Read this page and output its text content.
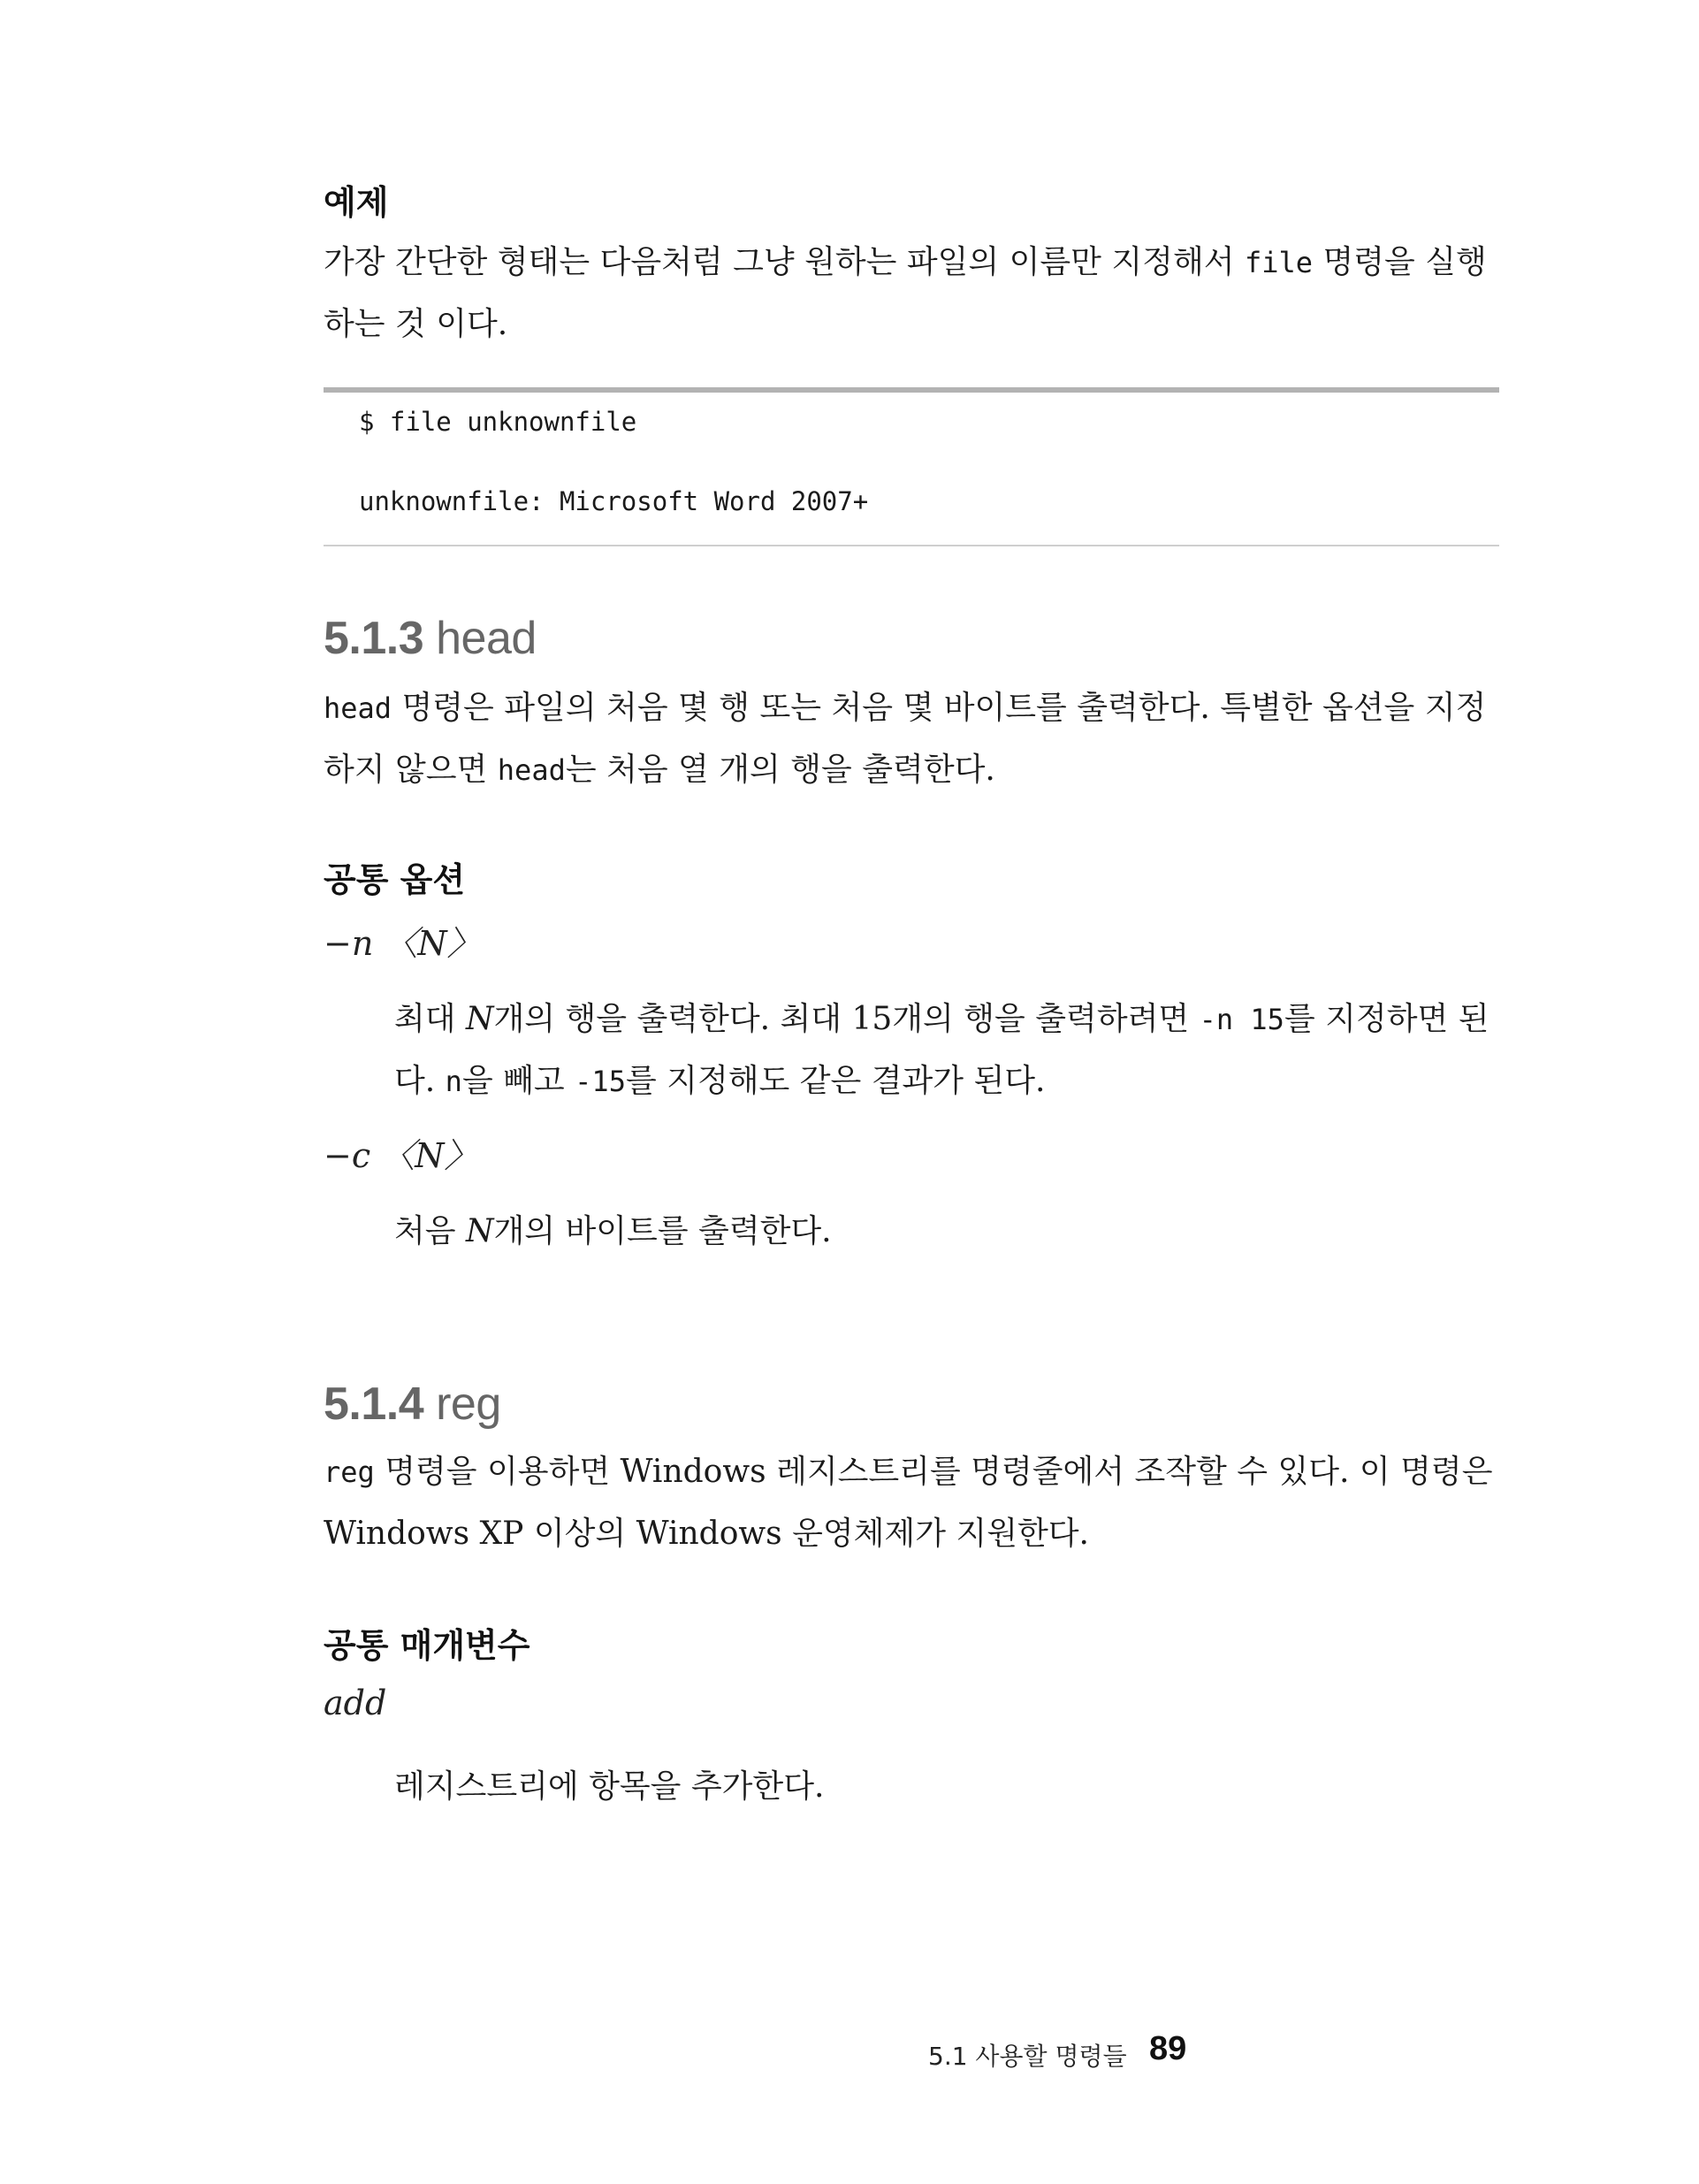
예제
가장 간단한 형태는 다음처럼 그냥 원하는 파일의 이름만 지정해서 file 명령을 실행하는 것 이다.
$ file unknownfile
unknownfile: Microsoft Word 2007+
5.1.3 head
head 명령은 파일의 처음 몇 행 또는 처음 몇 바이트를 출력한다. 특별한 옵션을 지정하지 않으면 head는 처음 열 개의 행을 출력한다.
공통 옵션
−n 〈N〉
최대 N개의 행을 출력한다. 최대 15개의 행을 출력하려면 -n 15를 지정하면 된다. n을 빼고 -15를 지정해도 같은 결과가 된다.
−c 〈N〉
처음 N개의 바이트를 출력한다.
5.1.4 reg
reg 명령을 이용하면 Windows 레지스트리를 명령줄에서 조작할 수 있다. 이 명령은 Windows XP 이상의 Windows 운영체제가 지원한다.
공통 매개변수
add
레지스트리에 항목을 추가한다.
5.1 사용할 명령들 89
